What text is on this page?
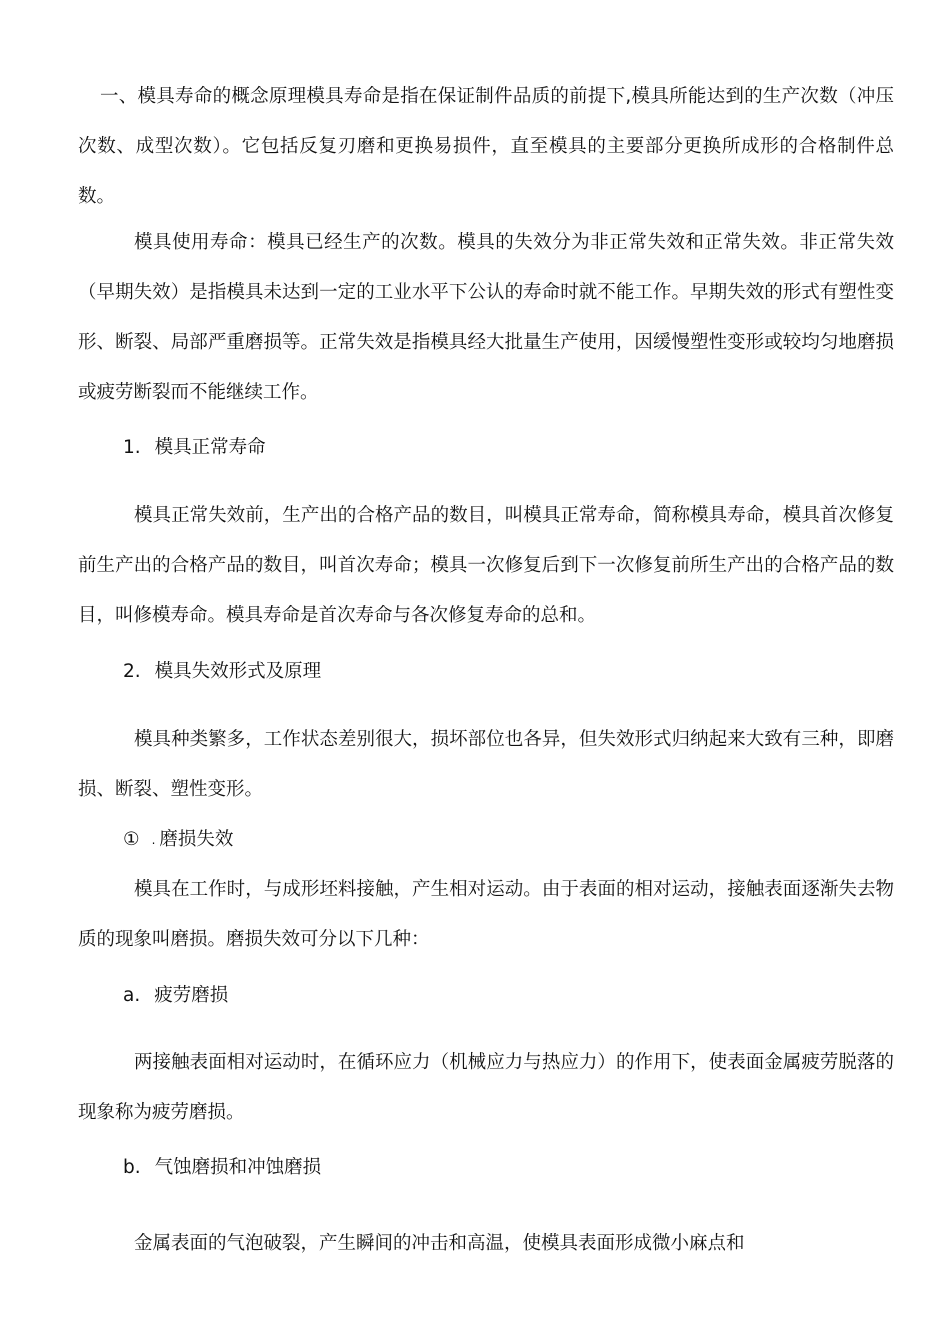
一、模具寿命的概念原理模具寿命是指在保证制件品质的前提下,模具所能达到的生产次数（冲压次数、成型次数）。它包括反复刃磨和更换易损件，直至模具的主要部分更换所成形的合格制件总数。

模具使用寿命：模具已经生产的次数。模具的失效分为非正常失效和正常失效。非正常失效（早期失效）是指模具未达到一定的工业水平下公认的寿命时就不能工作。早期失效的形式有塑性变形、断裂、局部严重磨损等。正常失效是指模具经大批量生产使用，因缓慢塑性变形或较均匀地磨损或疲劳断裂而不能继续工作。

1. 模具正常寿命

模具正常失效前，生产出的合格产品的数目，叫模具正常寿命，简称模具寿命，模具首次修复前生产出的合格产品的数目，叫首次寿命；模具一次修复后到下一次修复前所生产出的合格产品的数目，叫修模寿命。模具寿命是首次寿命与各次修复寿命的总和。

2. 模具失效形式及原理

模具种类繁多，工作状态差别很大，损坏部位也各异，但失效形式归纳起来大致有三种，即磨损、断裂、塑性变形。

① . 磨损失效

模具在工作时，与成形坯料接触，产生相对运动。由于表面的相对运动，接触表面逐渐失去物质的现象叫磨损。磨损失效可分以下几种：

a. 疲劳磨损

两接触表面相对运动时，在循环应力（机械应力与热应力）的作用下，使表面金属疲劳脱落的现象称为疲劳磨损。

b. 气蚀磨损和冲蚀磨损

金属表面的气泡破裂，产生瞬间的冲击和高温，使模具表面形成微小麻点和
